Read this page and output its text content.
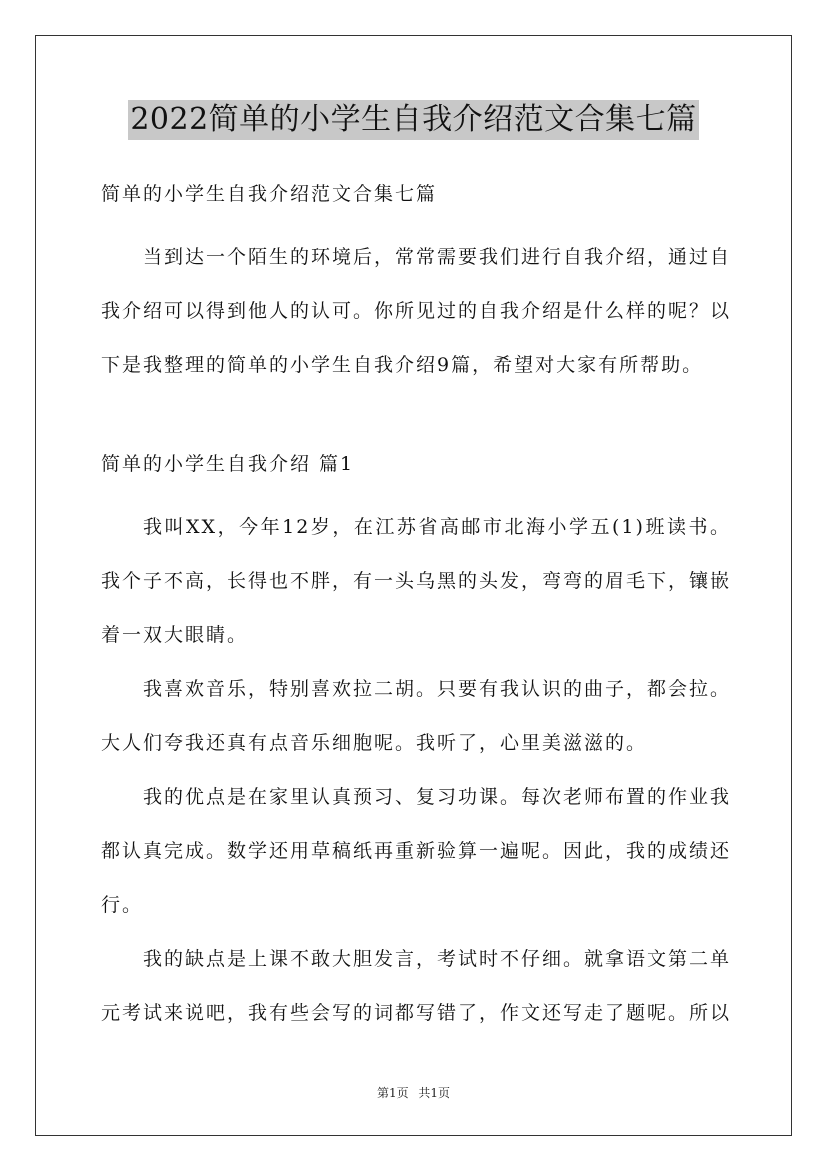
2022简单的小学生自我介绍范文合集七篇

简单的小学生自我介绍范文合集七篇

当到达一个陌生的环境后，常常需要我们进行自我介绍，通过自我介绍可以得到他人的认可。你所见过的自我介绍是什么样的呢？以下是我整理的简单的小学生自我介绍9篇，希望对大家有所帮助。

简单的小学生自我介绍 篇1

我叫XX，今年12岁，在江苏省高邮市北海小学五(1)班读书。我个子不高，长得也不胖，有一头乌黑的头发，弯弯的眉毛下，镶嵌着一双大眼睛。

我喜欢音乐，特别喜欢拉二胡。只要有我认识的曲子，都会拉。大人们夸我还真有点音乐细胞呢。我听了，心里美滋滋的。

我的优点是在家里认真预习、复习功课。每次老师布置的作业我都认真完成。数学还用草稿纸再重新验算一遍呢。因此，我的成绩还行。

我的缺点是上课不敢大胆发言，考试时不仔细。就拿语文第二单元考试来说吧，我有些会写的词都写错了，作文还写走了题呢。所以

第1页 共1页
